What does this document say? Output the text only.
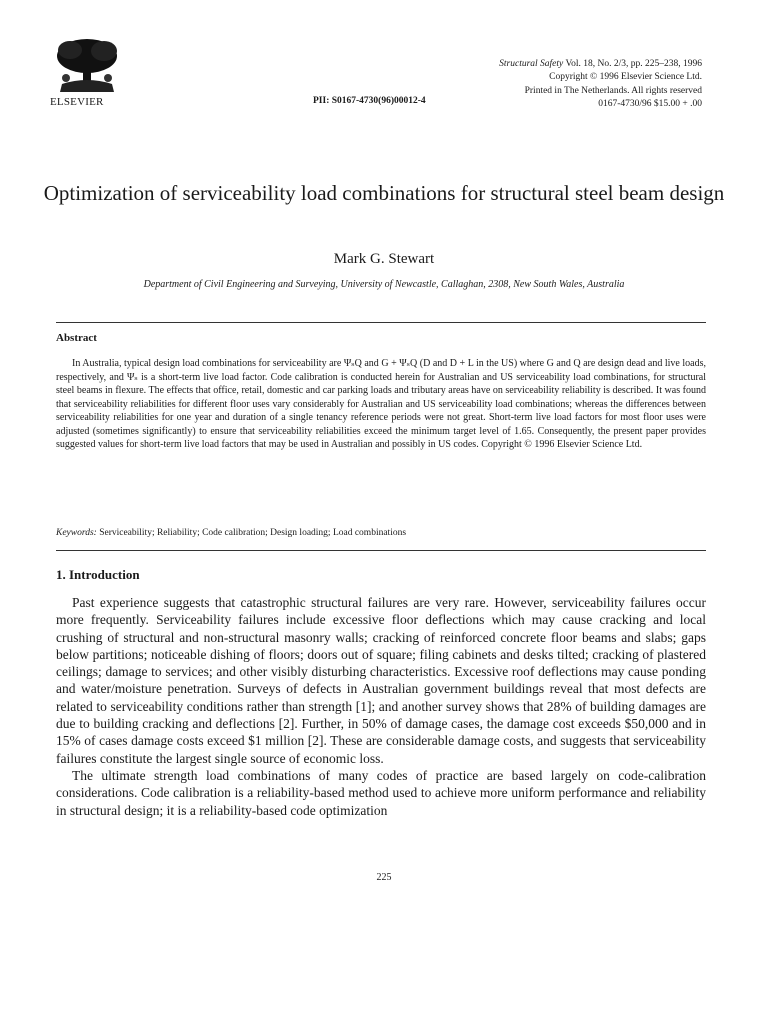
ELSEVIER	PII: S0167-4730(96)00012-4
Structural Safety Vol. 18, No. 2/3, pp. 225–238, 1996
Copyright © 1996 Elsevier Science Ltd.
Printed in The Netherlands. All rights reserved
0167-4730/96 $15.00 + .00
Optimization of serviceability load combinations for structural steel beam design
Mark G. Stewart
Department of Civil Engineering and Surveying, University of Newcastle, Callaghan, 2308, New South Wales, Australia
Abstract
In Australia, typical design load combinations for serviceability are ΨₛQ and G + ΨₛQ (D and D + L in the US) where G and Q are design dead and live loads, respectively, and Ψₛ is a short-term live load factor. Code calibration is conducted herein for Australian and US serviceability load combinations, for structural steel beams in flexure. The effects that office, retail, domestic and car parking loads and tributary areas have on serviceability reliability is described. It was found that serviceability reliabilities for different floor uses vary considerably for Australian and US serviceability load combinations; whereas the differences between serviceability reliabilities for one year and duration of a single tenancy reference periods were not great. Short-term live load factors for most floor uses were adjusted (sometimes significantly) to ensure that serviceability reliabilities exceed the minimum target level of 1.65. Consequently, the present paper provides suggested values for short-term live load factors that may be used in Australian and possibly in US codes. Copyright © 1996 Elsevier Science Ltd.
Keywords: Serviceability; Reliability; Code calibration; Design loading; Load combinations
1. Introduction

Past experience suggests that catastrophic structural failures are very rare. However, serviceability failures occur more frequently. Serviceability failures include excessive floor deflections which may cause cracking and local crushing of structural and non-structural masonry walls; cracking of reinforced concrete floor beams and slabs; gaps below partitions; noticeable dishing of floors; doors out of square; filing cabinets and desks tilted; cracking of plastered ceilings; damage to services; and other visibly disturbing characteristics. Excessive roof deflections may cause ponding and water/moisture penetration. Surveys of defects in Australian government buildings reveal that most defects are related to serviceability conditions rather than strength [1]; and another survey shows that 28% of building damages are due to building cracking and deflections [2]. Further, in 50% of damage cases, the damage cost exceeds $50,000 and in 15% of cases damage costs exceed $1 million [2]. These are considerable damage costs, and suggests that serviceability failures constitute the largest single source of economic loss.

The ultimate strength load combinations of many codes of practice are based largely on code-calibration considerations. Code calibration is a reliability-based method used to achieve more uniform performance and reliability in structural design; it is a reliability-based code optimization

225
